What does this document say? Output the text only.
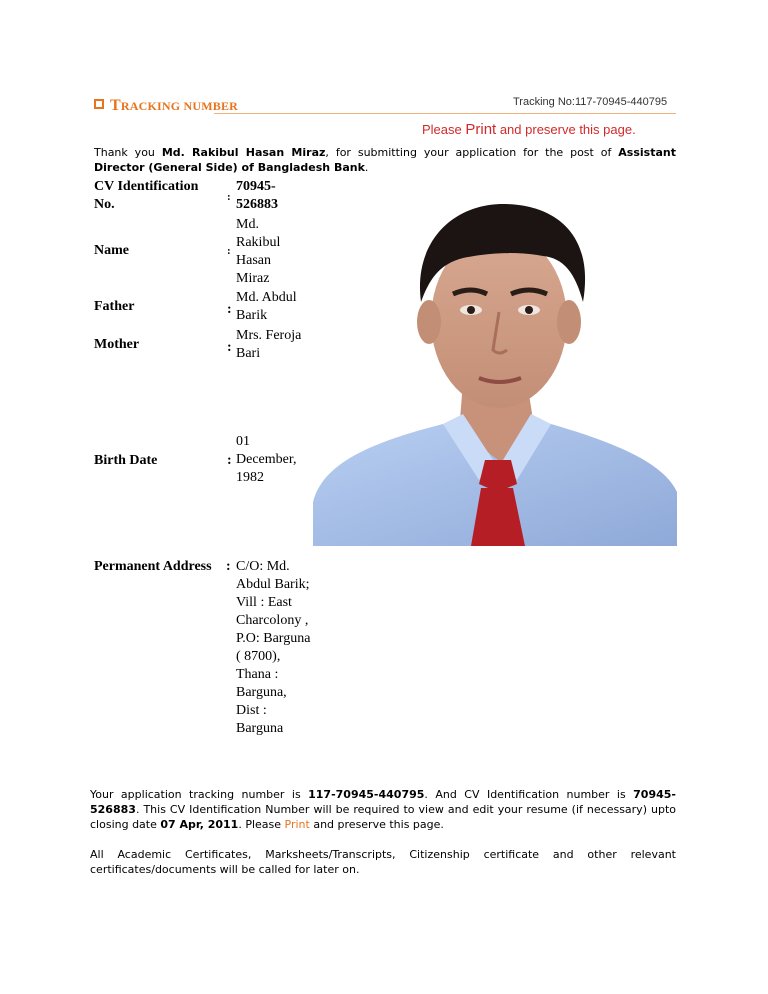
TRACKING NUMBER	Tracking No:117-70945-440795
Please Print and preserve this page.
Thank you Md. Rakibul Hasan Miraz, for submitting your application for the post of Assistant Director (General Side) of Bangladesh Bank.
CV Identification No.	:
70945-526883
Name	:
Md. Rakibul Hasan Miraz
Father	:
Md. Abdul Barik
Mother	:
Mrs. Feroja Bari
Birth Date	:
01 December, 1982
Permanent Address : C/O: Md. Abdul Barik; Vill : East Charcolony , P.O: Barguna ( 8700), Thana : Barguna, Dist : Barguna
Your application tracking number is 117-70945-440795. And CV Identification number is 70945-526883. This CV Identification Number will be required to view and edit your resume (if necessary) upto closing date 07 Apr, 2011. Please Print and preserve this page.
All Academic Certificates, Marksheets/Transcripts, Citizenship certificate and other relevant certificates/documents will be called for later on.
